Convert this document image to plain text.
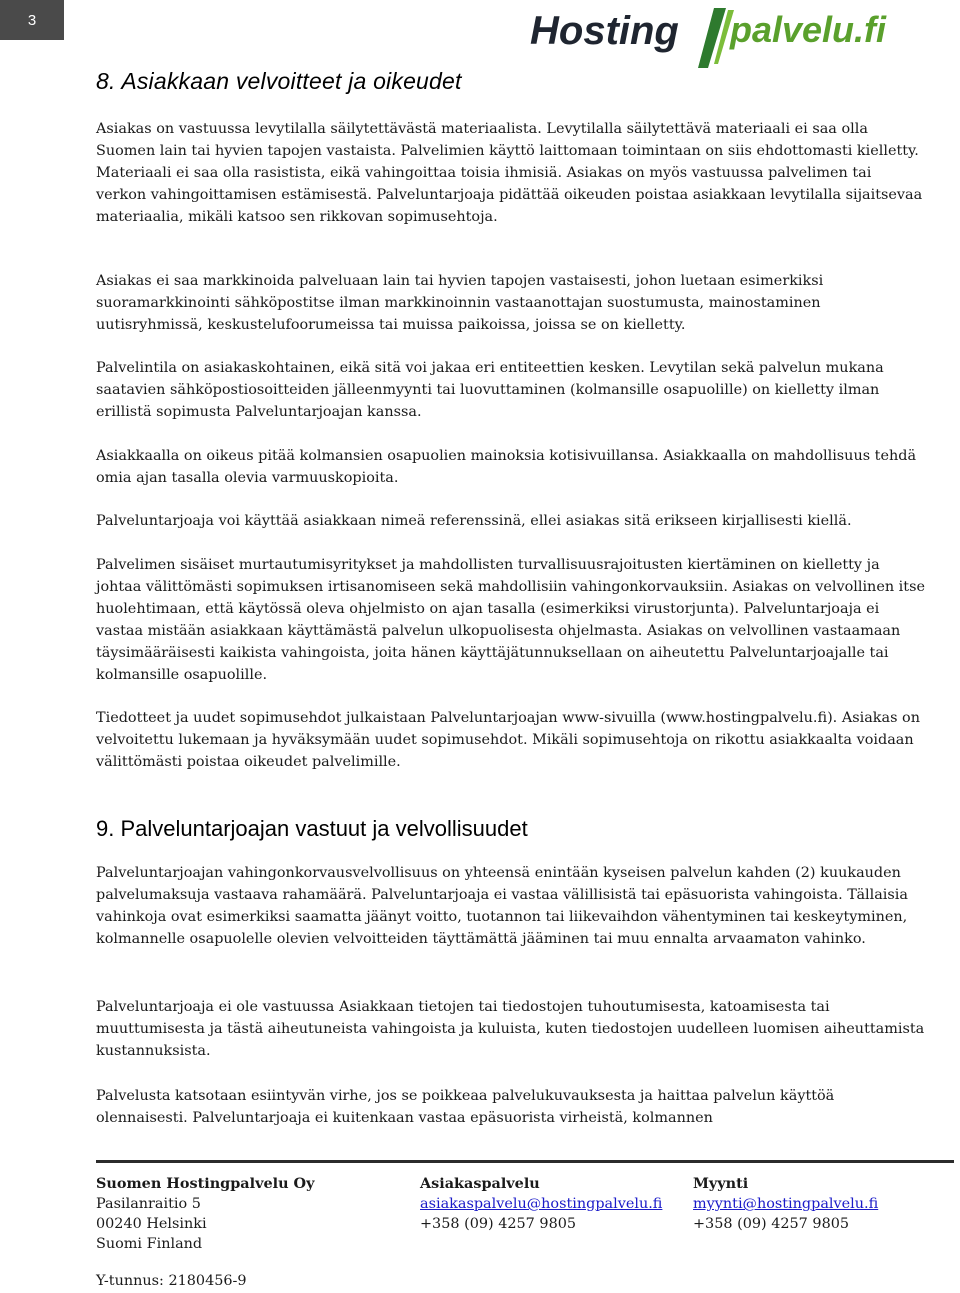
3	Hosting palvelu.fi
8. Asiakkaan velvoitteet ja oikeudet

Asiakas on vastuussa levytilalla säilytettävästä materiaalista. Levytilalla säilytettävä materiaali ei saa olla Suomen lain tai hyvien tapojen vastaista. Palvelimien käyttö laittomaan toimintaan on siis ehdottomasti kielletty. Materiaali ei saa olla rasistista, eikä vahingoittaa toisia ihmisiä. Asiakas on myös vastuussa palvelimen tai verkon vahingoittamisen estämisestä. Palveluntarjoaja pidättää oikeuden poistaa asiakkaan levytilalla sijaitsevaa materiaalia, mikäli katsoo sen rikkovan sopimusehtoja.

Asiakas ei saa markkinoida palveluaan lain tai hyvien tapojen vastaisesti, johon luetaan esimerkiksi suoramarkkinointi sähköpostitse ilman markkinoinnin vastaanottajan suostumusta, mainostaminen uutisryhmissä, keskustelufoorumeissa tai muissa paikoissa, joissa se on kielletty.

Palvelintila on asiakaskohtainen, eikä sitä voi jakaa eri entiteettien kesken. Levytilan sekä palvelun mukana saatavien sähköpostiosoitteiden jälleenmyynti tai luovuttaminen (kolmansille osapuolille) on kielletty ilman erillistä sopimusta Palveluntarjoajan kanssa.

Asiakkaalla on oikeus pitää kolmansien osapuolien mainoksia kotisivuillansa. Asiakkaalla on mahdollisuus tehdä omia ajan tasalla olevia varmuuskopioita.

Palveluntarjoaja voi käyttää asiakkaan nimeä referenssinä, ellei asiakas sitä erikseen kirjallisesti kiellä.

Palvelimen sisäiset murtautumisyritykset ja mahdollisten turvallisuusrajoitusten kiertäminen on kielletty ja johtaa välittömästi sopimuksen irtisanomiseen sekä mahdollisiin vahingonkorvauksiin. Asiakas on velvollinen itse huolehtimaan, että käytössä oleva ohjelmisto on ajan tasalla (esimerkiksi virustorjunta). Palveluntarjoaja ei vastaa mistään asiakkaan käyttämästä palvelun ulkopuolisesta ohjelmasta. Asiakas on velvollinen vastaamaan täysimääräisesti kaikista vahingoista, joita hänen käyttäjätunnuksellaan on aiheutettu Palveluntarjoajalle tai kolmansille osapuolille.

Tiedotteet ja uudet sopimusehdot julkaistaan Palveluntarjoajan www-sivuilla (www.hostingpalvelu.fi). Asiakas on velvoitettu lukemaan ja hyväksymään uudet sopimusehdot. Mikäli sopimusehtoja on rikottu asiakkaalta voidaan välittömästi poistaa oikeudet palvelimille.

9. Palveluntarjoajan vastuut ja velvollisuudet

Palveluntarjoajan vahingonkorvausvelvollisuus on yhteensä enintään kyseisen palvelun kahden (2) kuukauden palvelumaksuja vastaava rahamäärä. Palveluntarjoaja ei vastaa välillisistä tai epäsuorista vahingoista. Tällaisia vahinkoja ovat esimerkiksi saamatta jäänyt voitto, tuotannon tai liikevaihdon vähentyminen tai keskeytyminen, kolmannelle osapuolelle olevien velvoitteiden täyttämättä jääminen tai muu ennalta arvaamaton vahinko.

Palveluntarjoaja ei ole vastuussa Asiakkaan tietojen tai tiedostojen tuhoutumisesta, katoamisesta tai muuttumisesta ja tästä aiheutuneista vahingoista ja kuluista, kuten tiedostojen uudelleen luomisen aiheuttamista kustannuksista.

Palvelusta katsotaan esiintyvän virhe, jos se poikkeaa palvelukuvauksesta ja haittaa palvelun käyttöä olennaisesti. Palveluntarjoaja ei kuitenkaan vastaa epäsuorista virheistä, kolmannen

Suomen Hostingpalvelu Oy
Pasilanraitio 5
00240 Helsinki
Suomi Finland
Asiakaspalvelu
asiakaspalvelu@hostingpalvelu.fi
+358 (09) 4257 9805
Myynti
myynti@hostingpalvelu.fi
+358 (09) 4257 9805
Y-tunnus: 2180456-9
